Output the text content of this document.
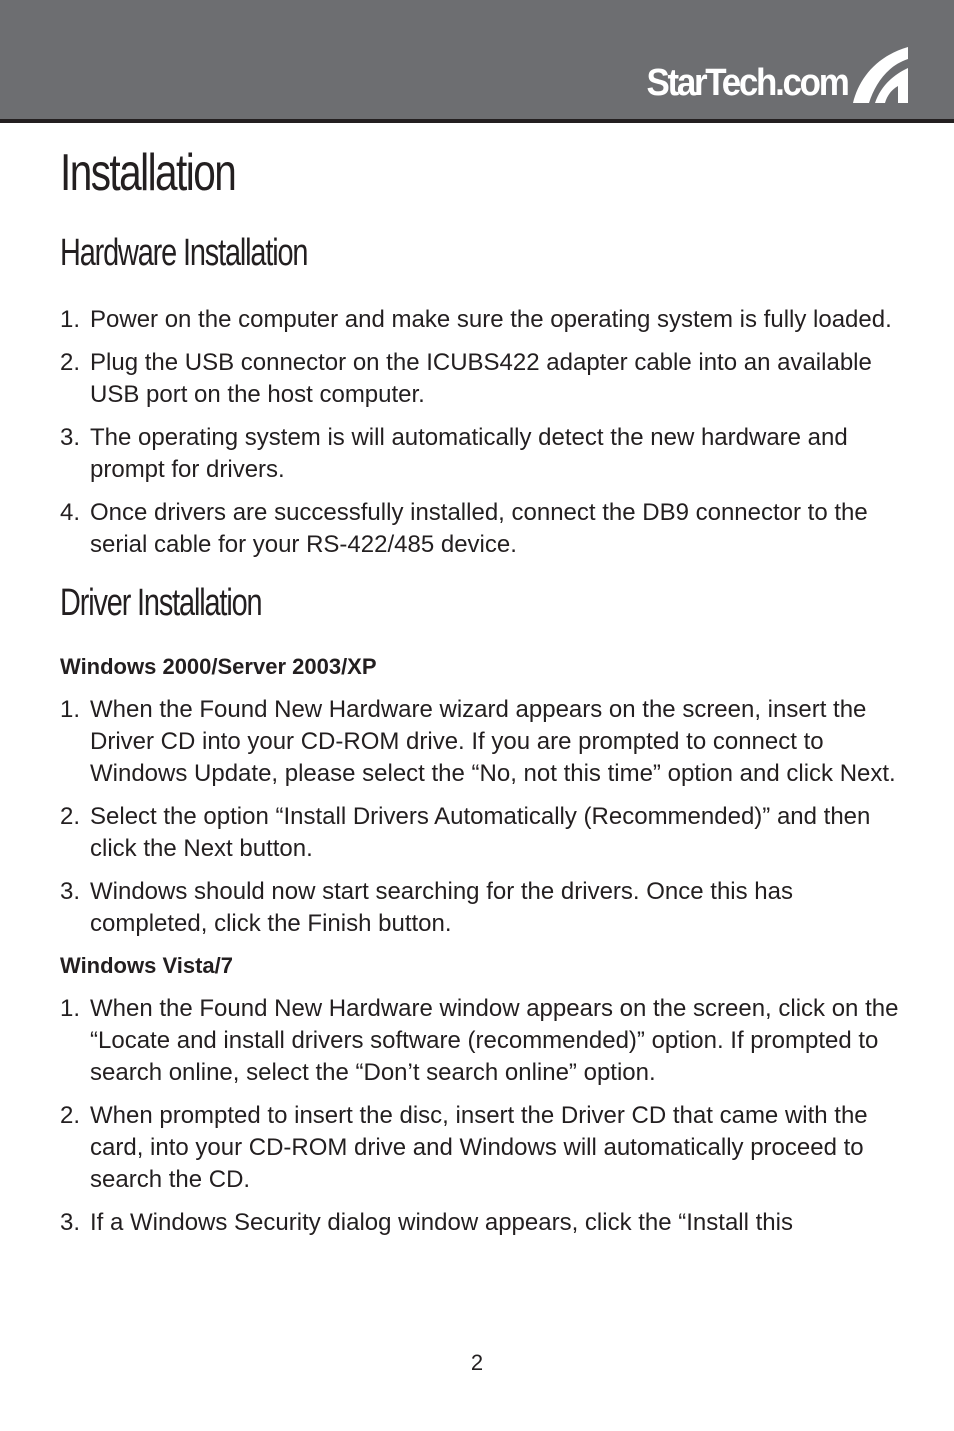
StarTech.com
Installation
Hardware Installation
1. Power on the computer and make sure the operating system is fully loaded.
2. Plug the USB connector on the ICUBS422 adapter cable into an available USB port on the host computer.
3. The operating system is will automatically detect the new hardware and prompt for drivers.
4. Once drivers are successfully installed, connect the DB9 connector to the serial cable for your RS-422/485 device.
Driver Installation
Windows 2000/Server 2003/XP
1. When the Found New Hardware wizard appears on the screen, insert the Driver CD into your CD-ROM drive. If you are prompted to connect to Windows Update, please select the “No, not this time” option and click Next.
2. Select the option “Install Drivers Automatically (Recommended)” and then click the Next button.
3. Windows should now start searching for the drivers. Once this has completed, click the Finish button.
Windows Vista/7
1. When the Found New Hardware window appears on the screen, click on the “Locate and install drivers software (recommended)” option. If prompted to search online, select the “Don’t search online” option.
2. When prompted to insert the disc, insert the Driver CD that came with the card, into your CD-ROM drive and Windows will automatically proceed to search the CD.
3. If a Windows Security dialog window appears, click the “Install this
2
